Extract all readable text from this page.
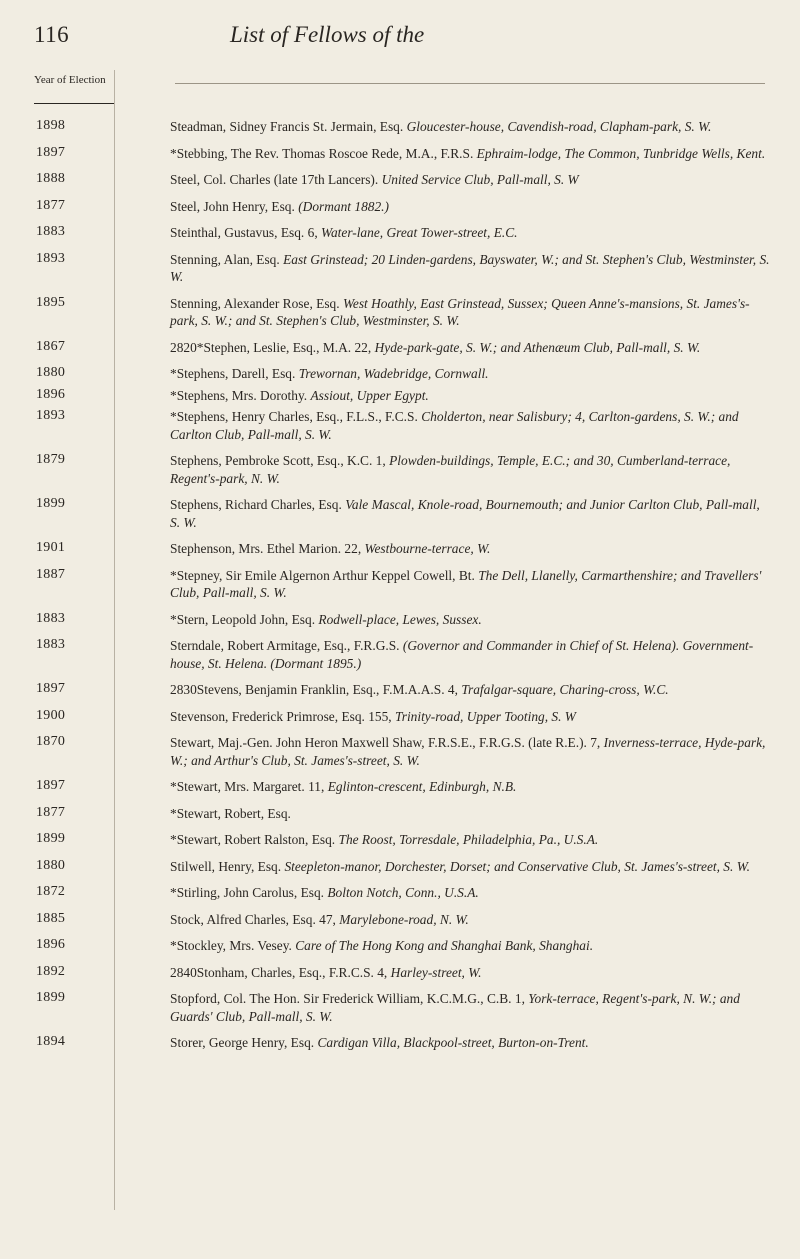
116	List of Fellows of the
Year of Election
1898	Steadman, Sidney Francis St. Jermain, Esq. Gloucester-house, Cavendish-road, Clapham-park, S. W.
1897	*Stebbing, The Rev. Thomas Roscoe Rede, M.A., F.R.S. Ephraim-lodge, The Common, Tunbridge Wells, Kent.
1888	Steel, Col. Charles (late 17th Lancers). United Service Club, Pall-mall, S. W
1877	Steel, John Henry, Esq. (Dormant 1882.)
1883	Steinthal, Gustavus, Esq. 6, Water-lane, Great Tower-street, E.C.
1893	Stenning, Alan, Esq. East Grinstead; 20 Linden-gardens, Bayswater, W.; and St. Stephen's Club, Westminster, S. W.
1895	Stenning, Alexander Rose, Esq. West Hoathly, East Grinstead, Sussex; Queen Anne's-mansions, St. James's-park, S. W.; and St. Stephen's Club, Westminster, S. W.
1867	2820*Stephen, Leslie, Esq., M.A. 22, Hyde-park-gate, S. W.; and Athenæum Club, Pall-mall, S. W.
1880	*Stephens, Darell, Esq. Trewornan, Wadebridge, Cornwall.
1896	*Stephens, Mrs. Dorothy. Assiout, Upper Egypt.
1893	*Stephens, Henry Charles, Esq., F.L.S., F.C.S. Cholderton, near Salisbury; 4, Carlton-gardens, S. W.; and Carlton Club, Pall-mall, S. W.
1879	Stephens, Pembroke Scott, Esq., K.C. 1, Plowden-buildings, Temple, E.C.; and 30, Cumberland-terrace, Regent's-park, N. W.
1899	Stephens, Richard Charles, Esq. Vale Mascal, Knole-road, Bournemouth; and Junior Carlton Club, Pall-mall, S. W.
1901	Stephenson, Mrs. Ethel Marion. 22, Westbourne-terrace, W.
1887	*Stepney, Sir Emile Algernon Arthur Keppel Cowell, Bt. The Dell, Llanelly, Carmarthenshire; and Travellers' Club, Pall-mall, S. W.
1883	*Stern, Leopold John, Esq. Rodwell-place, Lewes, Sussex.
1883	Sterndale, Robert Armitage, Esq., F.R.G.S. (Governor and Commander in Chief of St. Helena). Government-house, St. Helena. (Dormant 1895.)
1897	2830Stevens, Benjamin Franklin, Esq., F.M.A.A.S. 4, Trafalgar-square, Charing-cross, W.C.
1900	Stevenson, Frederick Primrose, Esq. 155, Trinity-road, Upper Tooting, S. W
1870	Stewart, Maj.-Gen. John Heron Maxwell Shaw, F.R.S.E., F.R.G.S. (late R.E.). 7, Inverness-terrace, Hyde-park, W.; and Arthur's Club, St. James's-street, S. W.
1897	*Stewart, Mrs. Margaret. 11, Eglinton-crescent, Edinburgh, N.B.
1877	*Stewart, Robert, Esq.
1899	*Stewart, Robert Ralston, Esq. The Roost, Torresdale, Philadelphia, Pa., U.S.A.
1880	Stilwell, Henry, Esq. Steepleton-manor, Dorchester, Dorset; and Conservative Club, St. James's-street, S. W.
1872	*Stirling, John Carolus, Esq. Bolton Notch, Conn., U.S.A.
1885	Stock, Alfred Charles, Esq. 47, Marylebone-road, N. W.
1896	*Stockley, Mrs. Vesey. Care of The Hong Kong and Shanghai Bank, Shanghai.
1892	2840Stonham, Charles, Esq., F.R.C.S. 4, Harley-street, W.
1899	Stopford, Col. The Hon. Sir Frederick William, K.C.M.G., C.B. 1, York-terrace, Regent's-park, N. W.; and Guards' Club, Pall-mall, S. W.
1894	Storer, George Henry, Esq. Cardigan Villa, Blackpool-street, Burton-on-Trent.
